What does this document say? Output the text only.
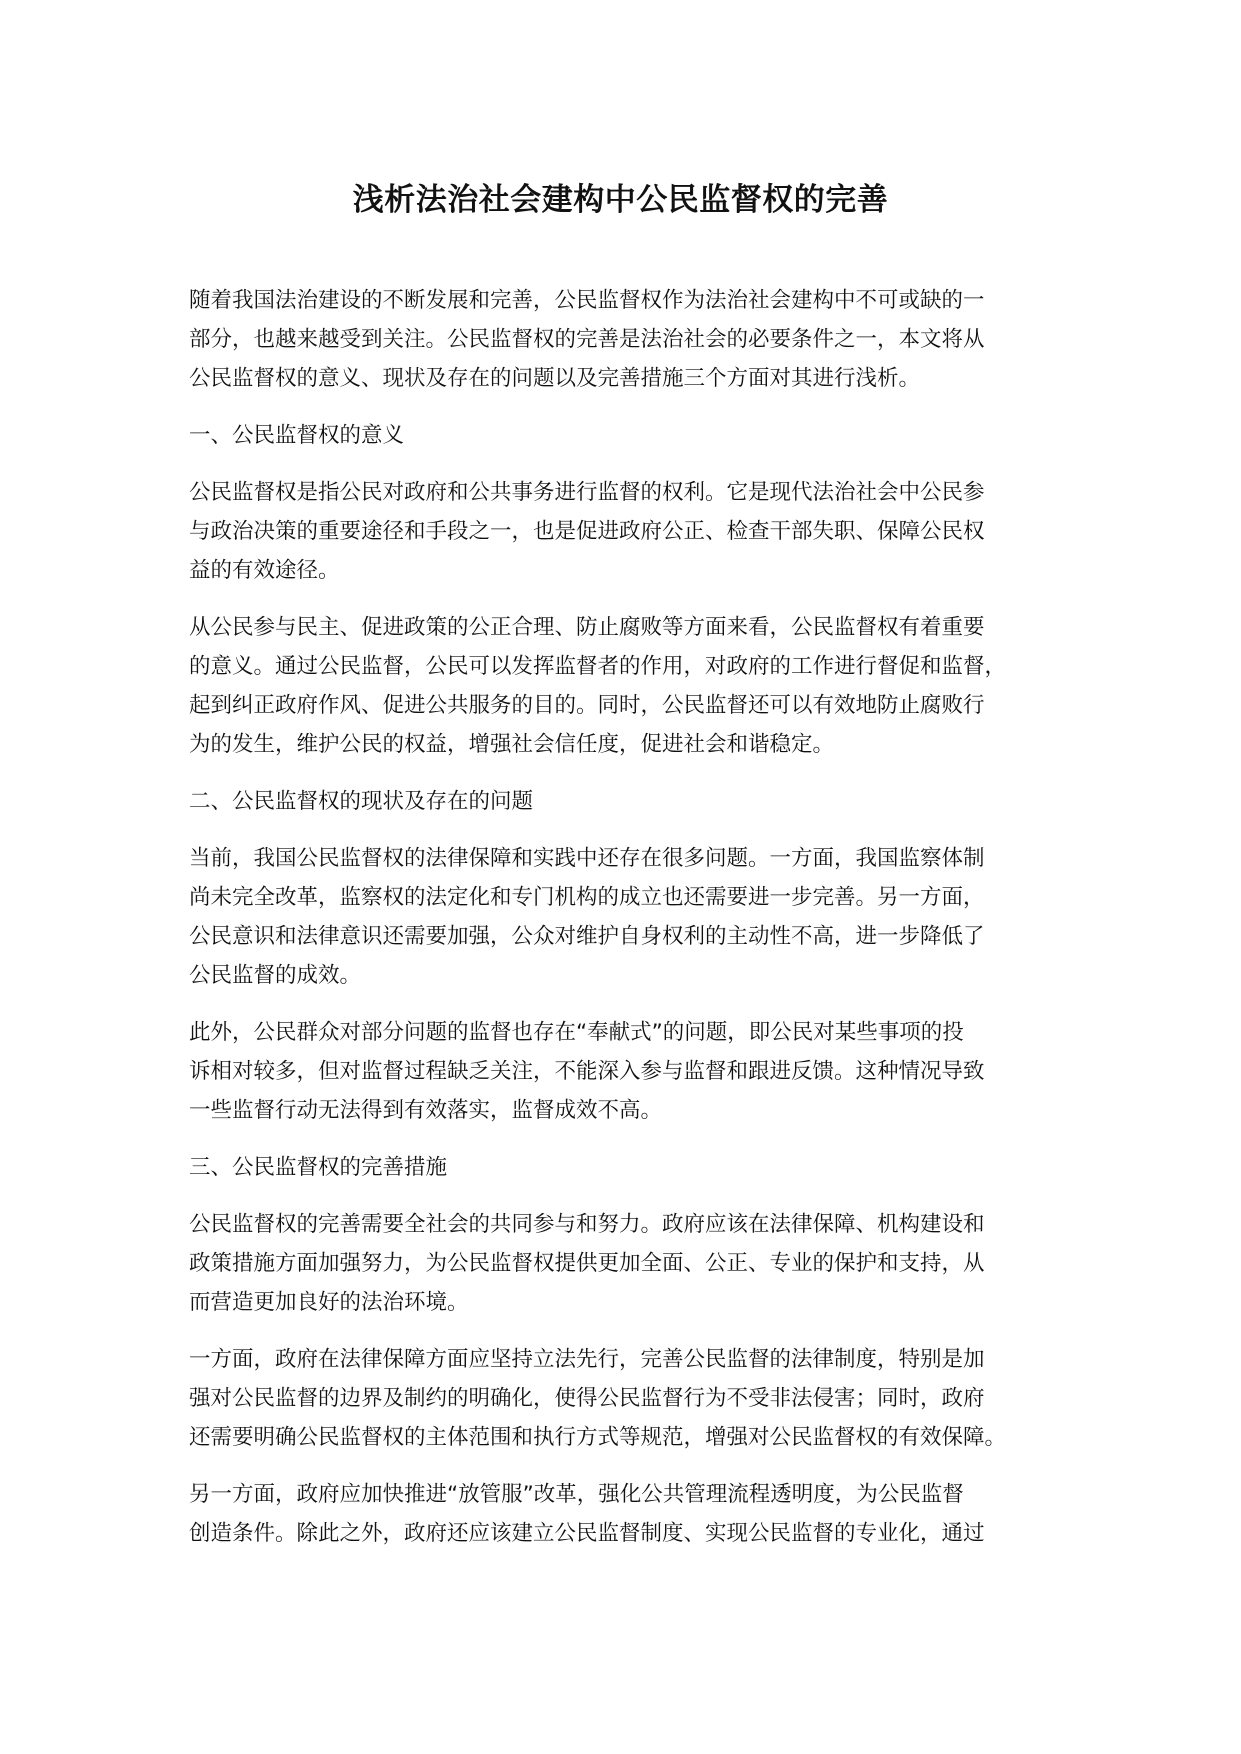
浅析法治社会建构中公民监督权的完善

随着我国法治建设的不断发展和完善，公民监督权作为法治社会建构中不可或缺的一
部分，也越来越受到关注。公民监督权的完善是法治社会的必要条件之一，本文将从
公民监督权的意义、现状及存在的问题以及完善措施三个方面对其进行浅析。

一、公民监督权的意义

公民监督权是指公民对政府和公共事务进行监督的权利。它是现代法治社会中公民参
与政治决策的重要途径和手段之一，也是促进政府公正、检查干部失职、保障公民权
益的有效途径。

从公民参与民主、促进政策的公正合理、防止腐败等方面来看，公民监督权有着重要
的意义。通过公民监督，公民可以发挥监督者的作用，对政府的工作进行督促和监督，
起到纠正政府作风、促进公共服务的目的。同时，公民监督还可以有效地防止腐败行
为的发生，维护公民的权益，增强社会信任度，促进社会和谐稳定。

二、公民监督权的现状及存在的问题

当前，我国公民监督权的法律保障和实践中还存在很多问题。一方面，我国监察体制
尚未完全改革，监察权的法定化和专门机构的成立也还需要进一步完善。另一方面，
公民意识和法律意识还需要加强，公众对维护自身权利的主动性不高，进一步降低了
公民监督的成效。

此外，公民群众对部分问题的监督也存在“奉献式”的问题，即公民对某些事项的投
诉相对较多，但对监督过程缺乏关注，不能深入参与监督和跟进反馈。这种情况导致
一些监督行动无法得到有效落实，监督成效不高。

三、公民监督权的完善措施

公民监督权的完善需要全社会的共同参与和努力。政府应该在法律保障、机构建设和
政策措施方面加强努力，为公民监督权提供更加全面、公正、专业的保护和支持，从
而营造更加良好的法治环境。

一方面，政府在法律保障方面应坚持立法先行，完善公民监督的法律制度，特别是加
强对公民监督的边界及制约的明确化，使得公民监督行为不受非法侵害；同时，政府
还需要明确公民监督权的主体范围和执行方式等规范，增强对公民监督权的有效保障。

另一方面，政府应加快推进“放管服”改革，强化公共管理流程透明度，为公民监督
创造条件。除此之外，政府还应该建立公民监督制度、实现公民监督的专业化，通过
